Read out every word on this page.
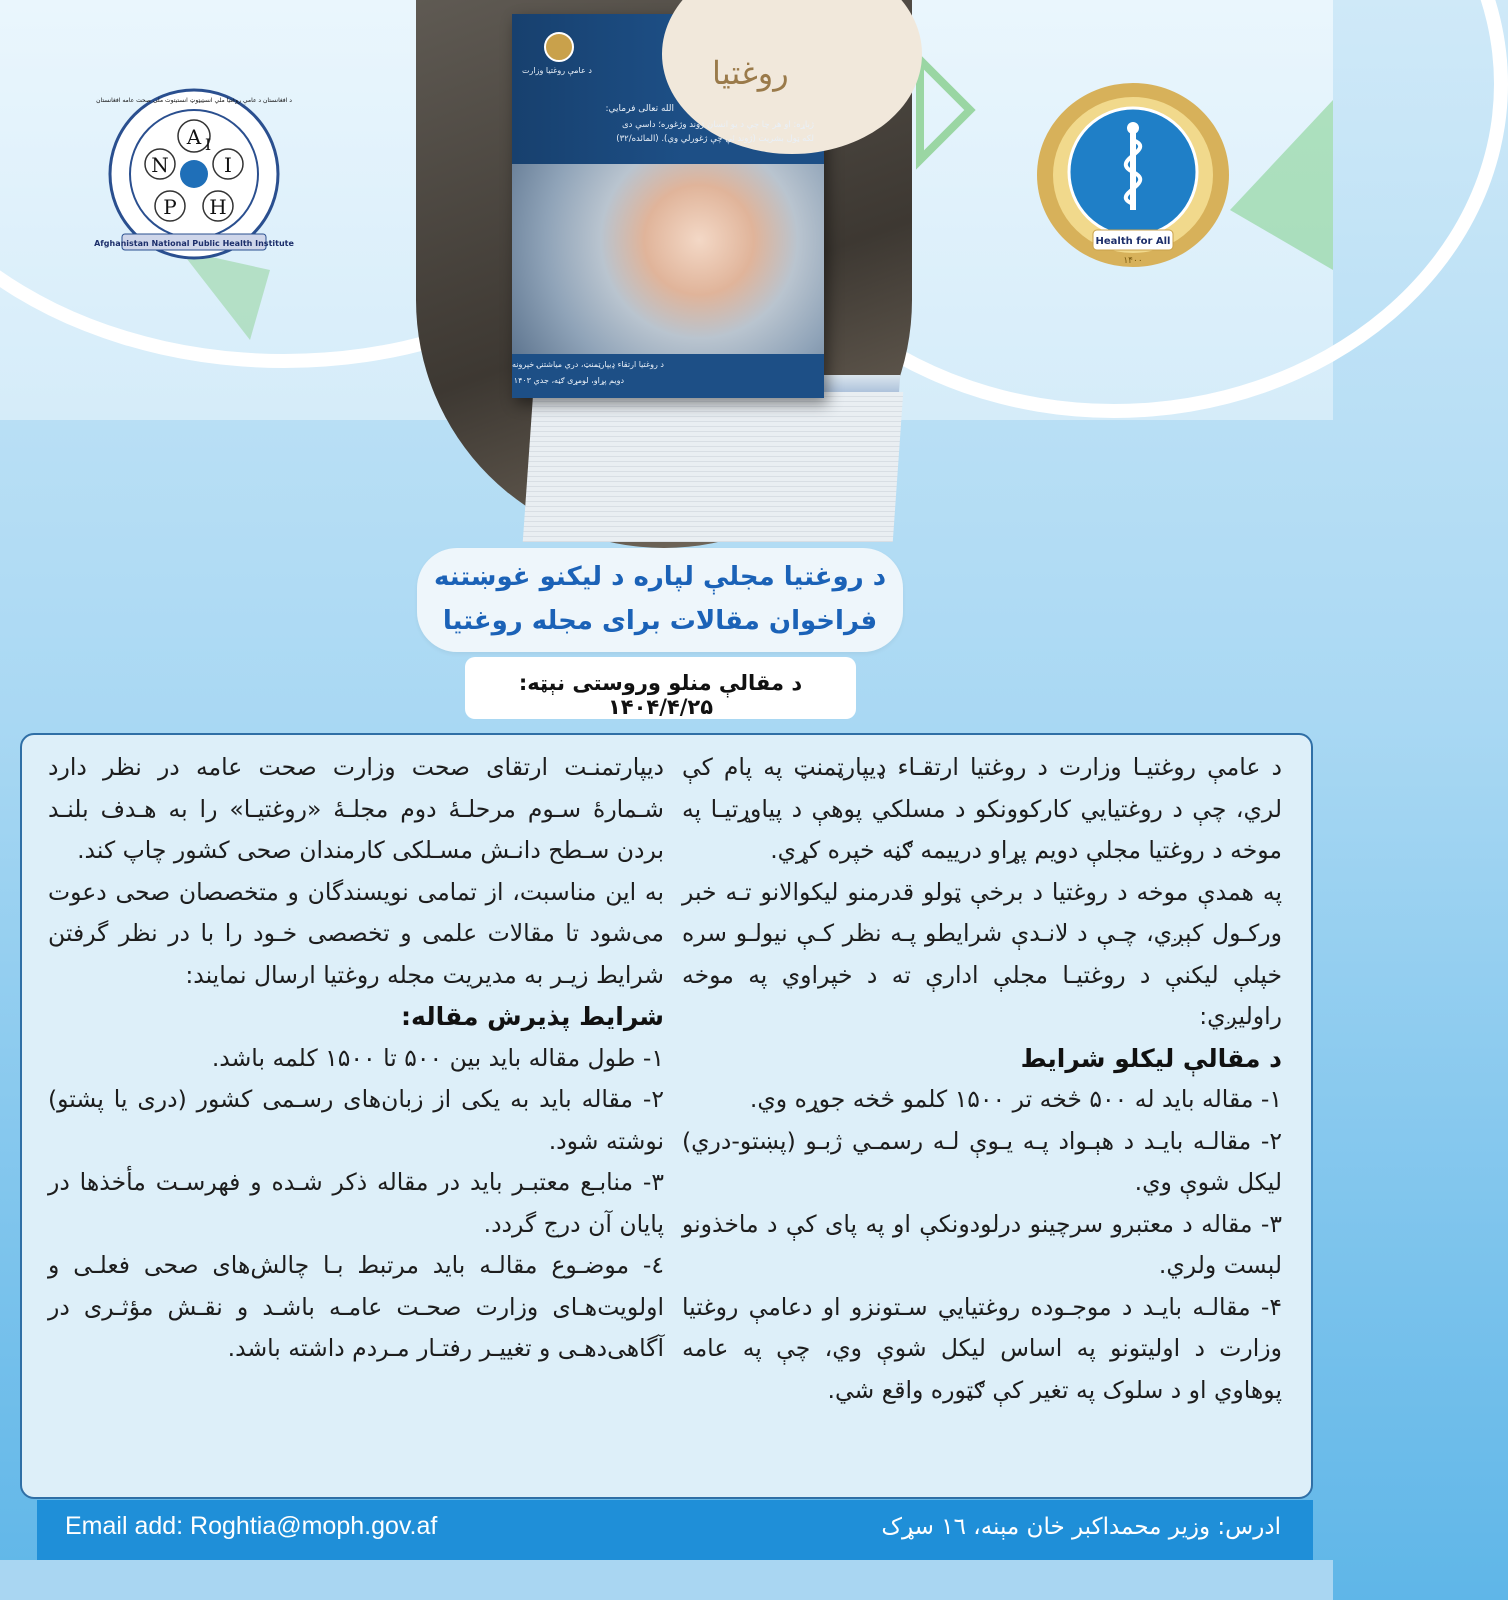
A
N	I
P H
I
د افغانستان د عامې روغتیا ملي انسټیټوټ انستیتوت ملی صحت عامه افغانستان
Afghanistan National Public Health Institute	Health for All
۱۴۰۰
روغتیا
د عامې روغتیا وزارت
الله تعالی فرمايي:
ژباړه: او هر چا چې د يو انسان ژوند وژغوره؛ داسې دی
لکه ټول بشريت (ژوند ئې چې ژغورلي وي). (المائده/۳۲)
د روغتيا ارتقاء ډیپارټمنټ، دري مياشتنۍ خپرونه
دويم پړاو، لومړی ګڼه، جدي ۱۴۰۳
د روغتیا مجلې لپاره د لیکنو غوښتنه
فراخوان مقالات برای مجله روغتیا
د مقالې منلو وروستی نېټه: ۱۴۰۴/۴/۲۵

د عامې روغتیـا وزارت د روغتیا ارتقـاء ډیپارټمنټ په پام کې لري، چې د روغتیایي کارکوونکو د مسلکي پوهې د پیاوړتیـا په موخه د روغتیا مجلې دویم پړاو دریيمه ګڼه خپره کړي.

په همدې موخه د روغتیا د برخې ټولو قدرمنو لیکوالانو تـه خبر ورکـول کېږي، چـې د لانـدې شرایطو پـه نظر کـې نیولـو سره خپلې لیکنې د روغتیـا مجلې ادارې ته د خپراوي په موخه راولیږي:

د مقالې لیکلو شرایط

۱- مقاله باید له ۵۰۰ څخه تر ۱۵۰۰ کلمو څخه جوړه وي.

۲- مقالـه بایـد د هېـواد پـه یـوې لـه رسمـي ژبـو (پښتو-دري) لیکل شوې وي.

۳- مقاله د معتبرو سرچینو درلودونکې او په پای کې د ماخذونو لېست ولري.

۴- مقالـه بایـد د موجـوده روغتیایي سـتونزو او دعامې روغتیا وزارت د اولیتونو په اساس لیکل شوې وي، چې په عامه پوهاوي او د سلوک په تغیر کې ګټوره واقع شي.

دیپارتمنـت ارتقای صحت وزارت صحت عامه در نظر دارد شـمارۀ سـوم مرحلـۀ دوم مجلـۀ «روغتیـا» را به هـدف بلنـد بردن سـطح دانـش مسـلکی کارمندان صحی کشور چاپ کند.

به این مناسبت، از تمامی نویسندگان و متخصصان صحی دعوت می‌شود تا مقالات علمی و تخصصی خـود را با در نظر گرفتن شرایط زیـر به مدیریت مجله روغتیا ارسال نمایند:

شرایط پذیرش مقاله:

۱- طول مقاله باید بین ۵۰۰ تا ۱۵۰۰ کلمه باشد.

۲- مقاله باید به یکی از زبان‌های رسـمی کشور (دری یا پشتو) نوشته شود.

۳- منابـع معتبـر باید در مقاله ذکر شـده و فهرسـت مأخذها در پایان آن درج گردد.

٤- موضـوع مقالـه باید مرتبط بـا چالش‌های صحی فعلـی و اولویت‌هـای وزارت صحـت عامـه باشـد و نقـش مؤثـری در آگاهی‌دهـی و تغییـر رفتـار مـردم داشته باشد.

Email add: Roghtia@moph.gov.af	ادرس: وزیر محمداکبر خان مېنه، ١٦ سړک
